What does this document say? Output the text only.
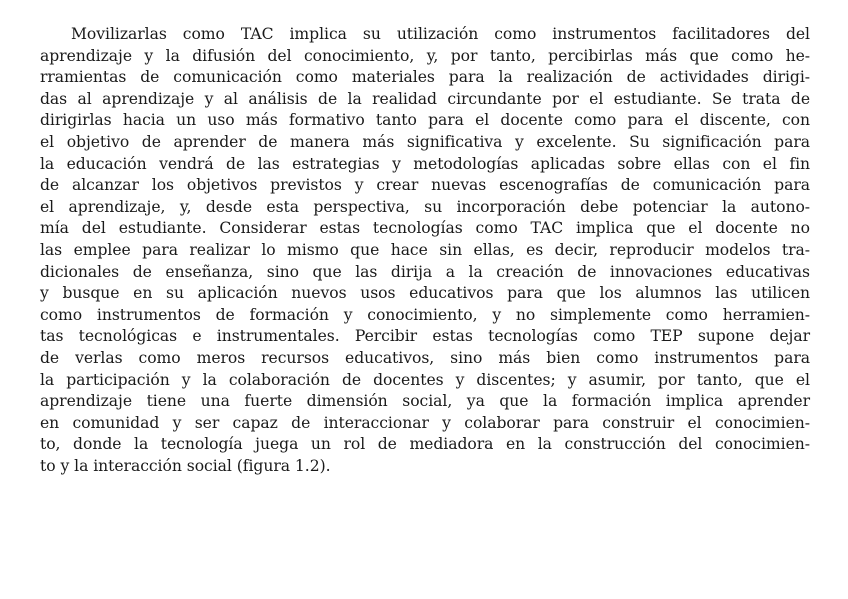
Movilizarlas como TAC implica su utilización como instrumentos facilitadores del
aprendizaje y la difusión del conocimiento, y, por tanto, percibirlas más que como he-
rramientas de comunicación como materiales para la realización de actividades dirigi-
das al aprendizaje y al análisis de la realidad circundante por el estudiante. Se trata de
dirigirlas hacia un uso más formativo tanto para el docente como para el discente, con
el objetivo de aprender de manera más significativa y excelente. Su significación para
la educación vendrá de las estrategias y metodologías aplicadas sobre ellas con el fin
de alcanzar los objetivos previstos y crear nuevas escenografías de comunicación para
el aprendizaje, y, desde esta perspectiva, su incorporación debe potenciar la autono-
mía del estudiante. Considerar estas tecnologías como TAC implica que el docente no
las emplee para realizar lo mismo que hace sin ellas, es decir, reproducir modelos tra-
dicionales de enseñanza, sino que las dirija a la creación de innovaciones educativas
y busque en su aplicación nuevos usos educativos para que los alumnos las utilicen
como instrumentos de formación y conocimiento, y no simplemente como herramien-
tas tecnológicas e instrumentales. Percibir estas tecnologías como TEP supone dejar
de verlas como meros recursos educativos, sino más bien como instrumentos para
la participación y la colaboración de docentes y discentes; y asumir, por tanto, que el
aprendizaje tiene una fuerte dimensión social, ya que la formación implica aprender
en comunidad y ser capaz de interaccionar y colaborar para construir el conocimien-
to, donde la tecnología juega un rol de mediadora en la construcción del conocimien-
to y la interacción social (figura 1.2).
